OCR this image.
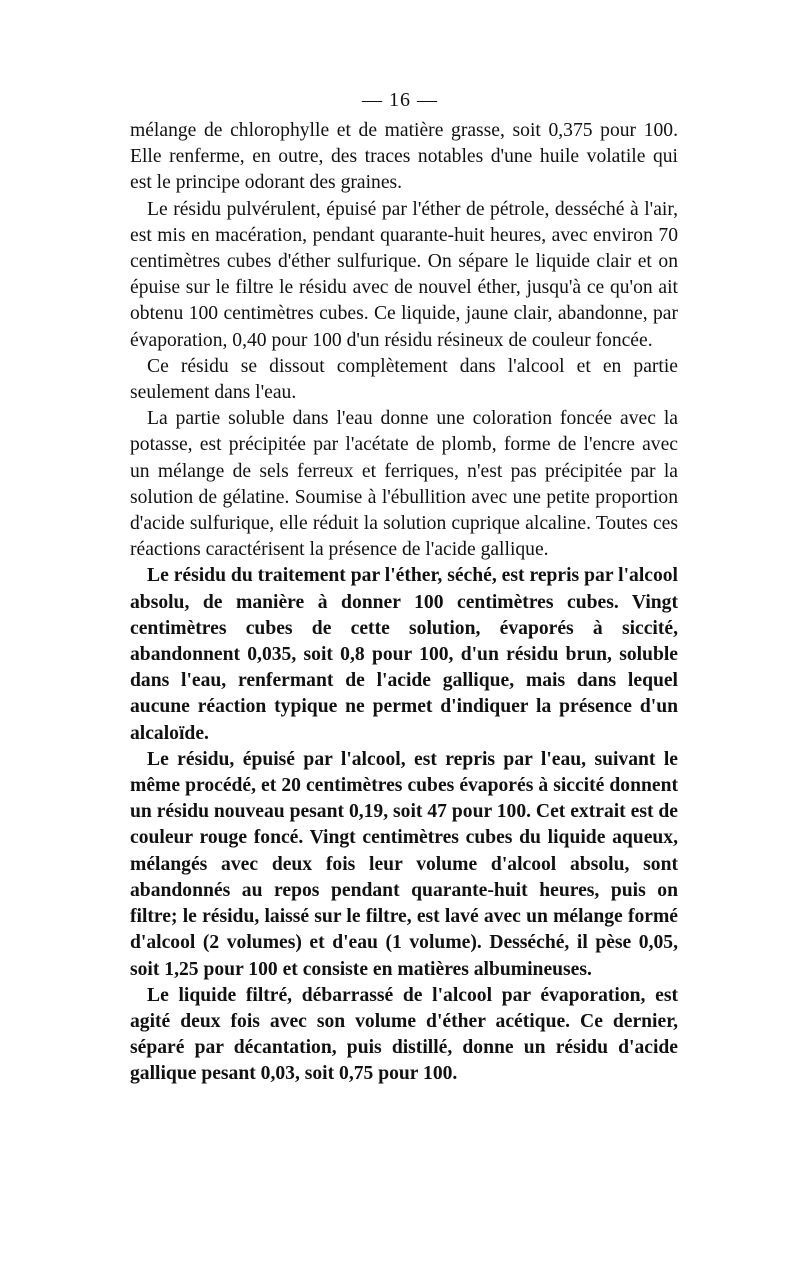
— 16 —

mélange de chlorophylle et de matière grasse, soit 0,375 pour 100. Elle renferme, en outre, des traces notables d'une huile volatile qui est le principe odorant des graines.

Le résidu pulvérulent, épuisé par l'éther de pétrole, desséché à l'air, est mis en macération, pendant quarante-huit heures, avec environ 70 centimètres cubes d'éther sulfurique. On sépare le liquide clair et on épuise sur le filtre le résidu avec de nouvel éther, jusqu'à ce qu'on ait obtenu 100 centimètres cubes. Ce liquide, jaune clair, abandonne, par évaporation, 0,40 pour 100 d'un résidu résineux de couleur foncée.

Ce résidu se dissout complètement dans l'alcool et en partie seulement dans l'eau.

La partie soluble dans l'eau donne une coloration foncée avec la potasse, est précipitée par l'acétate de plomb, forme de l'encre avec un mélange de sels ferreux et ferriques, n'est pas précipitée par la solution de gélatine. Soumise à l'ébullition avec une petite proportion d'acide sulfurique, elle réduit la solution cuprique alcaline. Toutes ces réactions caractérisent la présence de l'acide gallique.

Le résidu du traitement par l'éther, séché, est repris par l'alcool absolu, de manière à donner 100 centimètres cubes. Vingt centimètres cubes de cette solution, évaporés à siccité, abandonnent 0,035, soit 0,8 pour 100, d'un résidu brun, soluble dans l'eau, renfermant de l'acide gallique, mais dans lequel aucune réaction typique ne permet d'indiquer la présence d'un alcaloïde.

Le résidu, épuisé par l'alcool, est repris par l'eau, suivant le même procédé, et 20 centimètres cubes évaporés à siccité donnent un résidu nouveau pesant 0,19, soit 47 pour 100. Cet extrait est de couleur rouge foncé. Vingt centimètres cubes du liquide aqueux, mélangés avec deux fois leur volume d'alcool absolu, sont abandonnés au repos pendant quarante-huit heures, puis on filtre; le résidu, laissé sur le filtre, est lavé avec un mélange formé d'alcool (2 volumes) et d'eau (1 volume). Desséché, il pèse 0,05, soit 1,25 pour 100 et consiste en matières albumineuses.

Le liquide filtré, débarrassé de l'alcool par évaporation, est agité deux fois avec son volume d'éther acétique. Ce dernier, séparé par décantation, puis distillé, donne un résidu d'acide gallique pesant 0,03, soit 0,75 pour 100.
